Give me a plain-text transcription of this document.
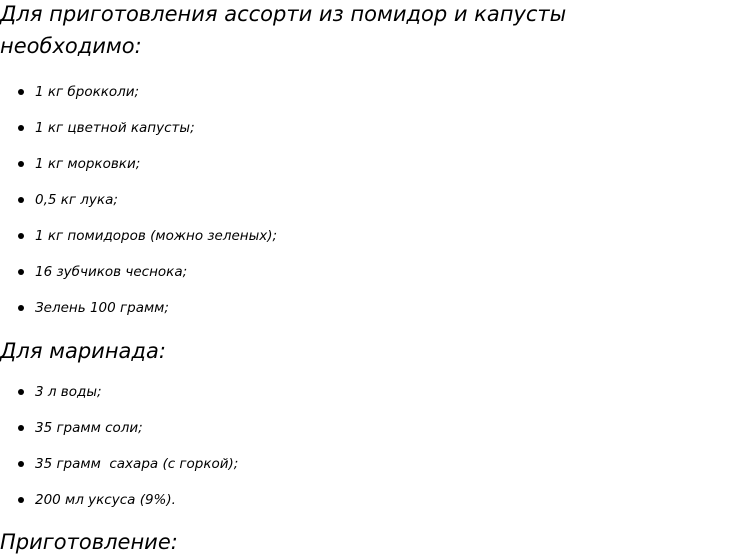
Для приготовления ассорти из помидор и капусты
необходимо:
1 кг брокколи;
1 кг цветной капусты;
1 кг морковки;
0,5 кг лука;
1 кг помидоров (можно зеленых);
16 зубчиков чеснока;
Зелень 100 грамм;
Для маринада:
3 л воды;
35 грамм соли;
35 грамм  сахара (с горкой);
200 мл уксуса (9%).
Приготовление:
